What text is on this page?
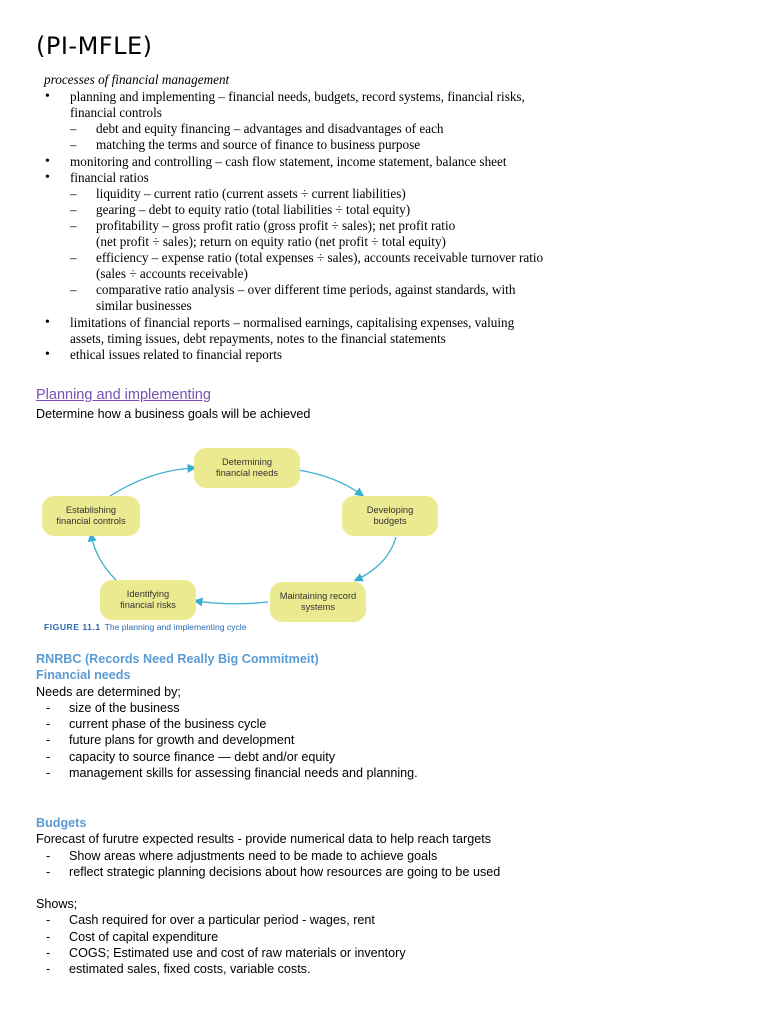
(PI-MFLE)
processes of financial management
• planning and implementing – financial needs, budgets, record systems, financial risks,
financial controls
– debt and equity financing – advantages and disadvantages of each
– matching the terms and source of finance to business purpose
• monitoring and controlling – cash flow statement, income statement, balance sheet
• financial ratios
– liquidity – current ratio (current assets ÷ current liabilities)
– gearing – debt to equity ratio (total liabilities ÷ total equity)
– profitability – gross profit ratio (gross profit ÷ sales); net profit ratio
(net profit ÷ sales); return on equity ratio (net profit ÷ total equity)
– efficiency – expense ratio (total expenses ÷ sales), accounts receivable turnover ratio
(sales ÷ accounts receivable)
– comparative ratio analysis – over different time periods, against standards, with
similar businesses
• limitations of financial reports – normalised earnings, capitalising expenses, valuing
assets, timing issues, debt repayments, notes to the financial statements
• ethical issues related to financial reports
Planning and implementing
Determine how a business goals will be achieved
Determining
financial needs
Developing
budgets
Maintaining record
systems
Identifying
financial risks
Establishing
financial controls
FIGURE 11.1 The planning and implementing cycle
RNRBC (Records Need Really Big Commitmeit)
Financial needs
Needs are determined by;
- size of the business
- current phase of the business cycle
- future plans for growth and development
- capacity to source finance — debt and/or equity
- management skills for assessing financial needs and planning.
Budgets
Forecast of furutre expected results - provide numerical data to help reach targets
- Show areas where adjustments need to be made to achieve goals
- reflect strategic planning decisions about how resources are going to be used
Shows;
- Cash required for over a particular period - wages, rent
- Cost of capital expenditure
- COGS; Estimated use and cost of raw materials or inventory
- estimated sales, fixed costs, variable costs.
